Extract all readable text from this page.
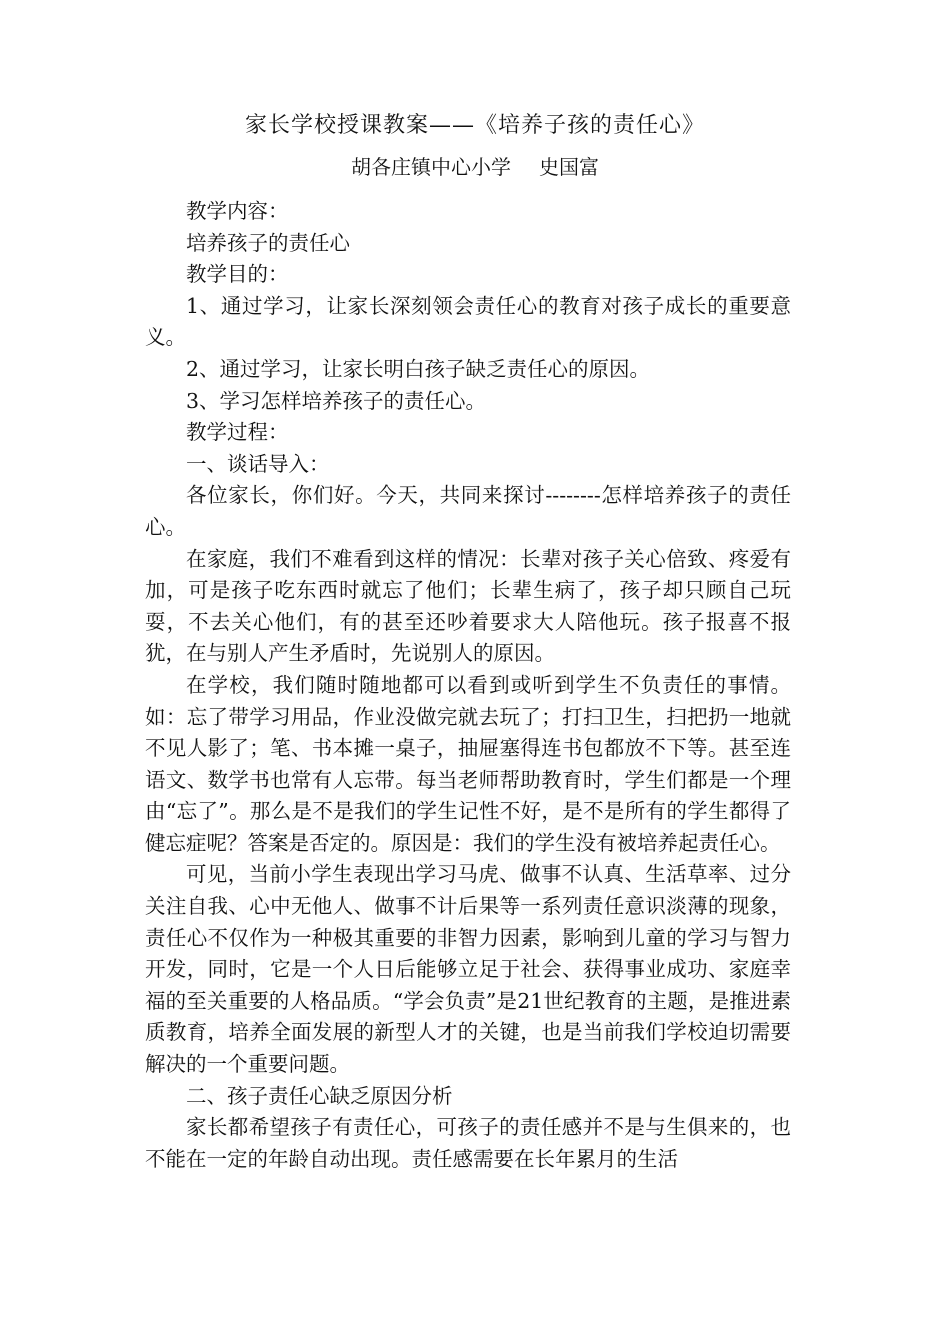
家长学校授课教案——《培养子孩的责任心》
胡各庄镇中心小学 史国富

教学内容：

培养孩子的责任心

教学目的：

1、通过学习，让家长深刻领会责任心的教育对孩子成长的重要意义。

2、通过学习，让家长明白孩子缺乏责任心的原因。

3、学习怎样培养孩子的责任心。

教学过程：

一、谈话导入：

各位家长，你们好。今天，共同来探讨--------怎样培养孩子的责任心。

在家庭，我们不难看到这样的情况：长辈对孩子关心倍致、疼爱有加，可是孩子吃东西时就忘了他们；长辈生病了，孩子却只顾自己玩耍，不去关心他们，有的甚至还吵着要求大人陪他玩。孩子报喜不报犹，在与别人产生矛盾时，先说别人的原因。

在学校，我们随时随地都可以看到或听到学生不负责任的事情。如：忘了带学习用品，作业没做完就去玩了；打扫卫生，扫把扔一地就不见人影了；笔、书本摊一桌子，抽屉塞得连书包都放不下等。甚至连语文、数学书也常有人忘带。每当老师帮助教育时，学生们都是一个理由“忘了”。那么是不是我们的学生记性不好，是不是所有的学生都得了健忘症呢？答案是否定的。原因是：我们的学生没有被培养起责任心。

可见，当前小学生表现出学习马虎、做事不认真、生活草率、过分关注自我、心中无他人、做事不计后果等一系列责任意识淡薄的现象，责任心不仅作为一种极其重要的非智力因素，影响到儿童的学习与智力开发，同时，它是一个人日后能够立足于社会、获得事业成功、家庭幸福的至关重要的人格品质。“学会负责”是21世纪教育的主题，是推进素质教育，培养全面发展的新型人才的关键，也是当前我们学校迫切需要解决的一个重要问题。

二、孩子责任心缺乏原因分析

家长都希望孩子有责任心，可孩子的责任感并不是与生俱来的，也不能在一定的年龄自动出现。责任感需要在长年累月的生活
